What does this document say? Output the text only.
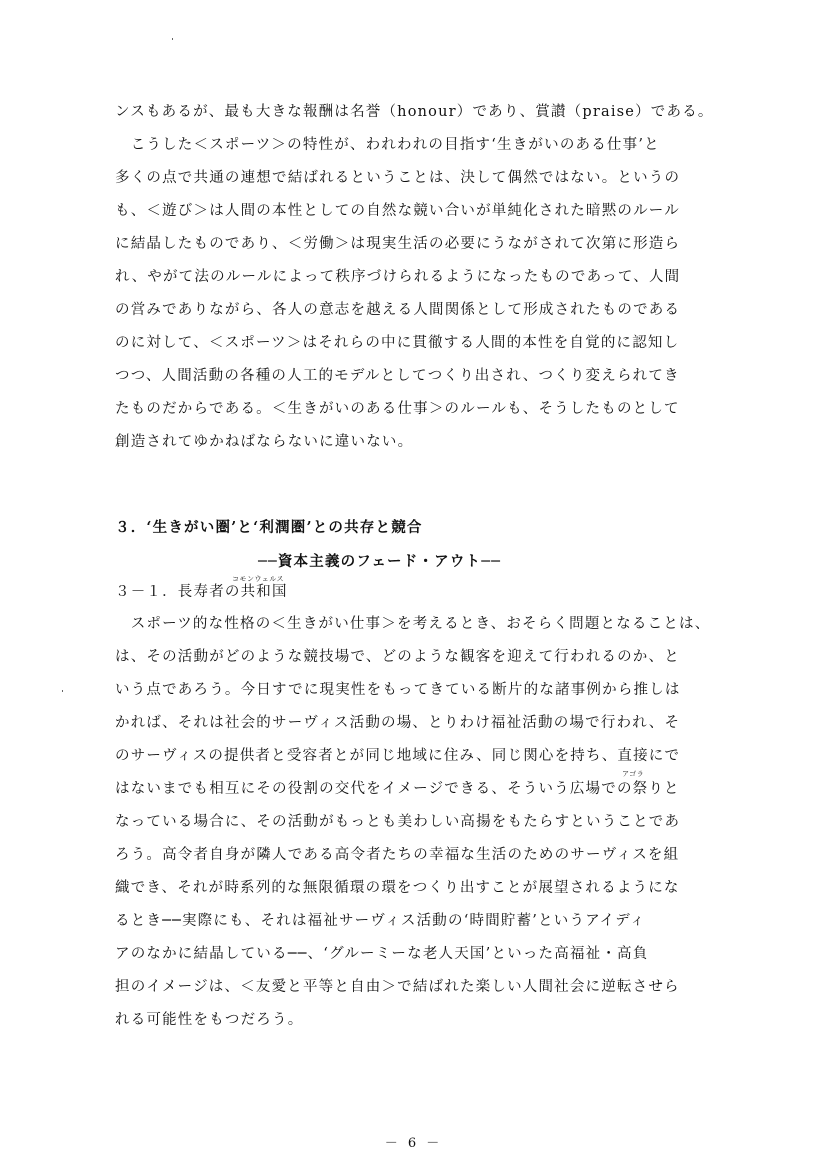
ンスもあるが、最も大きな報酬は名誉（honour）であり、賞讃（praise）である。
　こうした＜スポーツ＞の特性が、われわれの目指す‘生きがいのある仕事’と
多くの点で共通の連想で結ばれるということは、決して偶然ではない。というの
も、＜遊び＞は人間の本性としての自然な競い合いが単純化された暗黙のルール
に結晶したものであり、＜労働＞は現実生活の必要にうながされて次第に形造ら
れ、やがて法のルールによって秩序づけられるようになったものであって、人間
の営みでありながら、各人の意志を越える人間関係として形成されたものである
のに対して、＜スポーツ＞はそれらの中に貫徹する人間的本性を自覚的に認知し
つつ、人間活動の各種の人工的モデルとしてつくり出され、つくり変えられてき
たものだからである。＜生きがいのある仕事＞のルールも、そうしたものとして
創造されてゆかねばならないに違いない。
３．‘生きがい圏’と‘利潤圏’との共存と競合
──資本主義のフェード・アウト──
コモンウェルス
３－１．長寿者の共和国
　スポーツ的な性格の＜生きがい仕事＞を考えるとき、おそらく問題となることは、
は、その活動がどのような競技場で、どのような観客を迎えて行われるのか、と
いう点であろう。今日すでに現実性をもってきている断片的な諸事例から推しは
かれば、それは社会的サーヴィス活動の場、とりわけ福祉活動の場で行われ、そ
のサーヴィスの提供者と受容者とが同じ地域に住み、同じ関心を持ち、直接にで
アゴラ
はないまでも相互にその役割の交代をイメージできる、そういう広場での祭りと
なっている場合に、その活動がもっとも美わしい高揚をもたらすということであ
ろう。高令者自身が隣人である高令者たちの幸福な生活のためのサーヴィスを組
織でき、それが時系列的な無限循環の環をつくり出すことが展望されるようにな
るとき──実際にも、それは福祉サーヴィス活動の‘時間貯蓄’というアイディ
アのなかに結晶している──、‘グルーミーな老人天国’といった高福祉・高負
担のイメージは、＜友愛と平等と自由＞で結ばれた楽しい人間社会に逆転させら
れる可能性をもつだろう。
－ 6 －
